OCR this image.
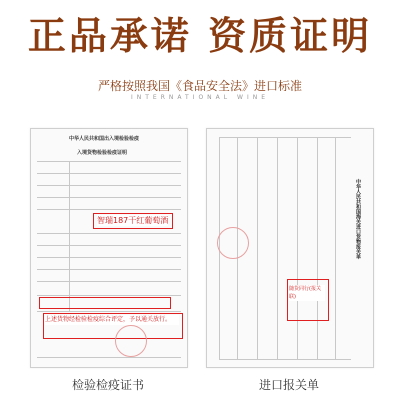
正品承诺 资质证明
严格按照我国《食品安全法》进口标准
INTERNATIONAL WINE
中华人民共和国出入境检验检疫
入境货物检验检疫证明
智瑞187干红葡萄酒
上述货物经检验检疫综合评定，予以通关放行。
检验检疫证书
中华人民共和国海关进口货物报关单
随货同行(报关联)
进口报关单
